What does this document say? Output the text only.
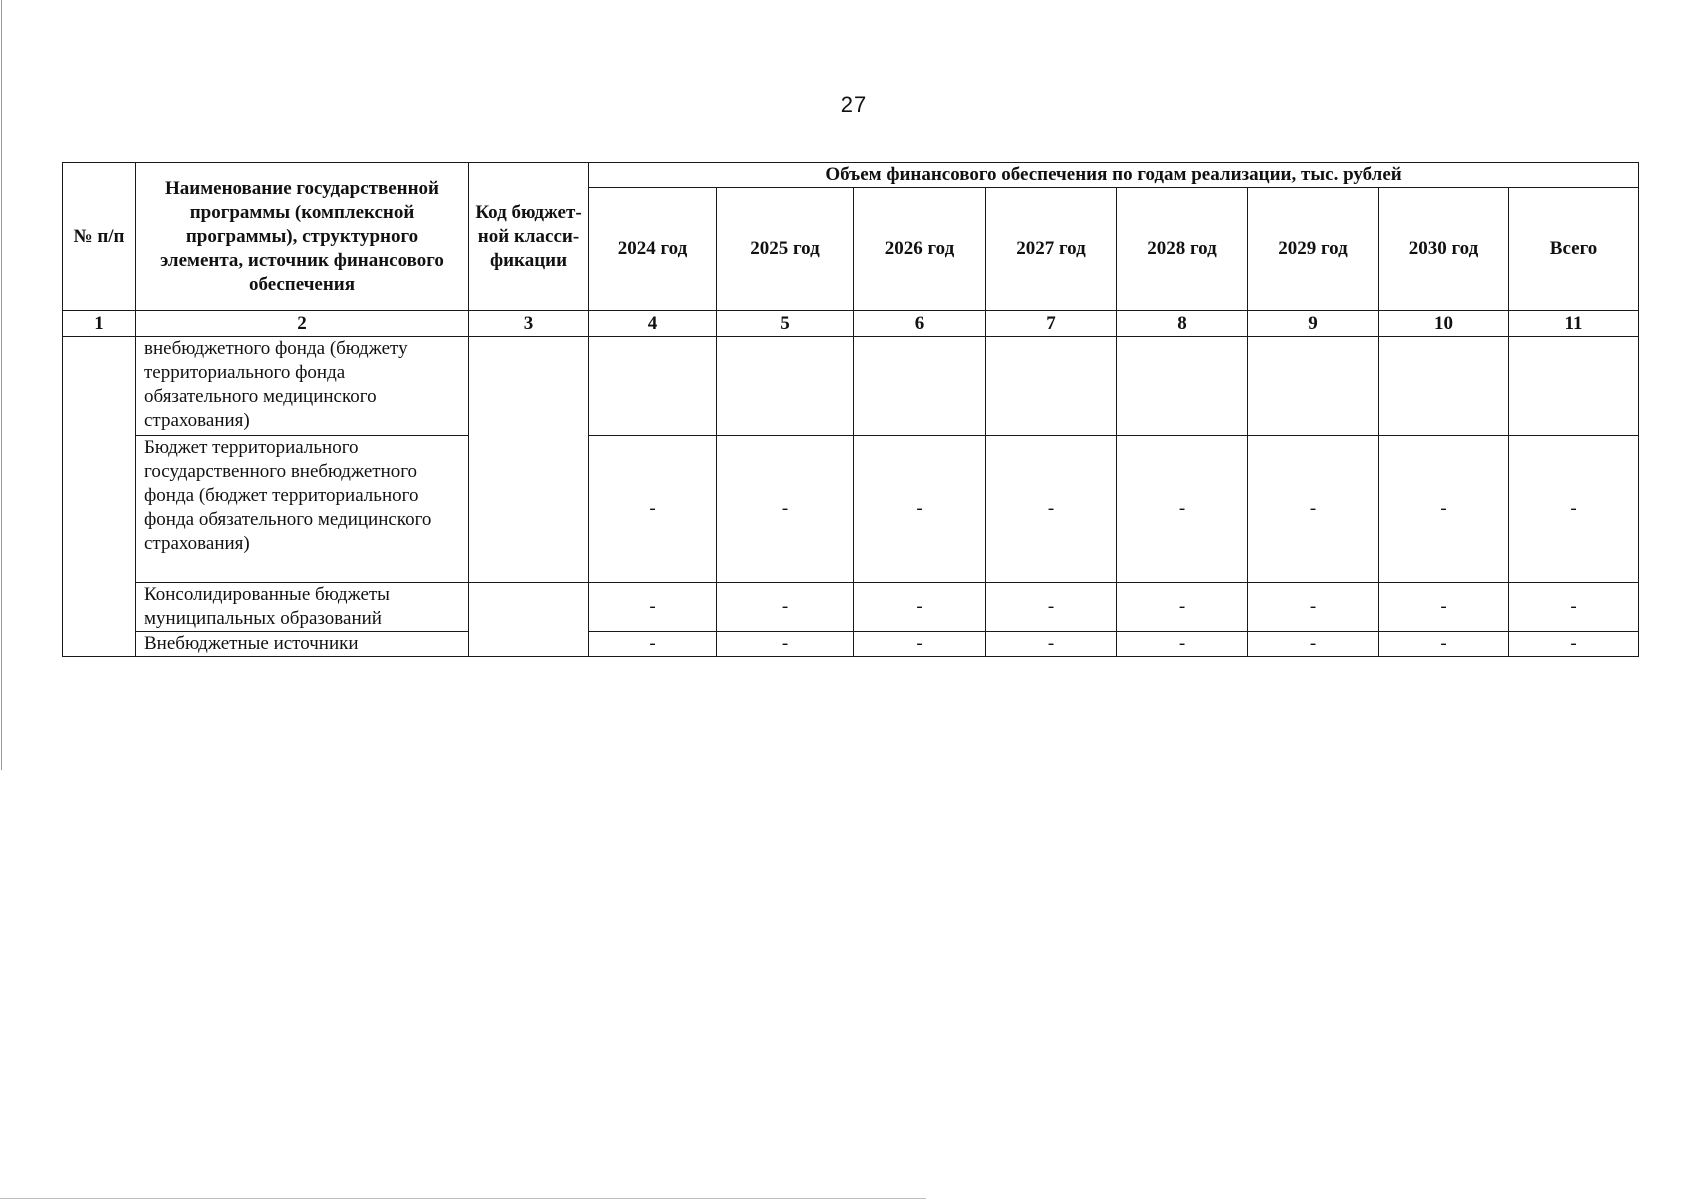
27
№ п/п	Наименование государственной программы (комплексной программы), структурного элемента, источник финансового обеспечения	Код бюджет-ной класси-фикации	Объем финансового обеспечения по годам реализации, тыс. рублей							
			2024 год	2025 год	2026 год	2027 год	2028 год	2029 год	2030 год	Всего
1	2	3	4	5	6	7	8	9	10	11
	внебюджетного фонда (бюджету территориального фонда обязательного медицинского страхования)									
	Бюджет территориального государственного внебюджетного фонда (бюджет территориального фонда обязательного медицинского страхования)		-	-	-	-	-	-	-	-
	Консолидированные бюджеты муниципальных образований		-	-	-	-	-	-	-	-
	Внебюджетные источники		-	-	-	-	-	-	-	-
